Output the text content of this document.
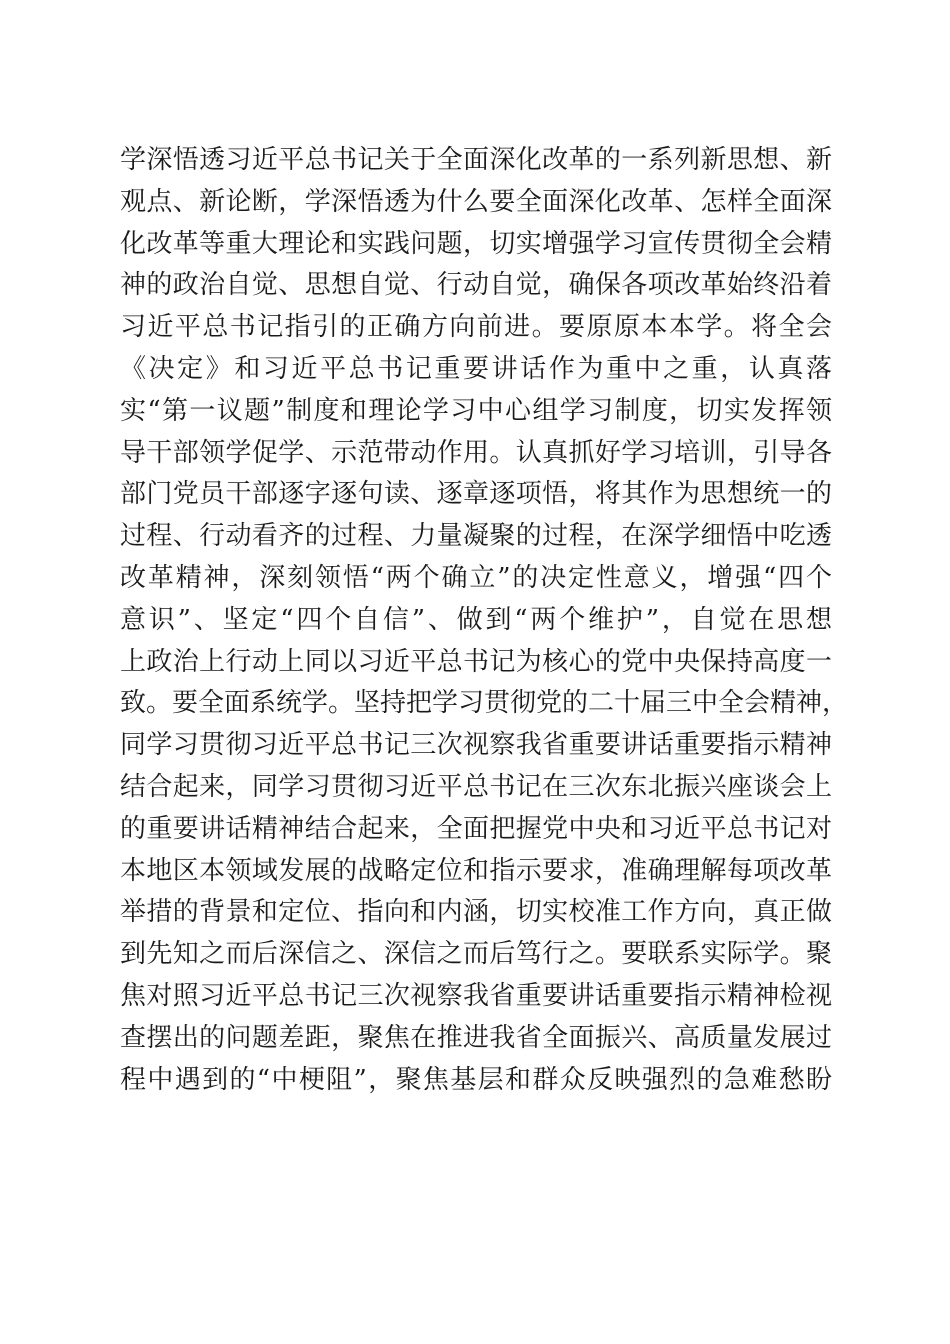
学深悟透习近平总书记关于全面深化改革的一系列新思想、新
观点、新论断，学深悟透为什么要全面深化改革、怎样全面深
化改革等重大理论和实践问题，切实增强学习宣传贯彻全会精
神的政治自觉、思想自觉、行动自觉，确保各项改革始终沿着
习近平总书记指引的正确方向前进。要原原本本学。将全会
《决定》和习近平总书记重要讲话作为重中之重，认真落
实“第一议题”制度和理论学习中心组学习制度，切实发挥领
导干部领学促学、示范带动作用。认真抓好学习培训，引导各
部门党员干部逐字逐句读、逐章逐项悟，将其作为思想统一的
过程、行动看齐的过程、力量凝聚的过程，在深学细悟中吃透
改革精神，深刻领悟“两个确立”的决定性意义，增强“四个
意识”、坚定“四个自信”、做到“两个维护”，自觉在思想
上政治上行动上同以习近平总书记为核心的党中央保持高度一
致。要全面系统学。坚持把学习贯彻党的二十届三中全会精神，
同学习贯彻习近平总书记三次视察我省重要讲话重要指示精神
结合起来，同学习贯彻习近平总书记在三次东北振兴座谈会上
的重要讲话精神结合起来，全面把握党中央和习近平总书记对
本地区本领域发展的战略定位和指示要求，准确理解每项改革
举措的背景和定位、指向和内涵，切实校准工作方向，真正做
到先知之而后深信之、深信之而后笃行之。要联系实际学。聚
焦对照习近平总书记三次视察我省重要讲话重要指示精神检视
查摆出的问题差距，聚焦在推进我省全面振兴、高质量发展过
程中遇到的“中梗阻”，聚焦基层和群众反映强烈的急难愁盼
